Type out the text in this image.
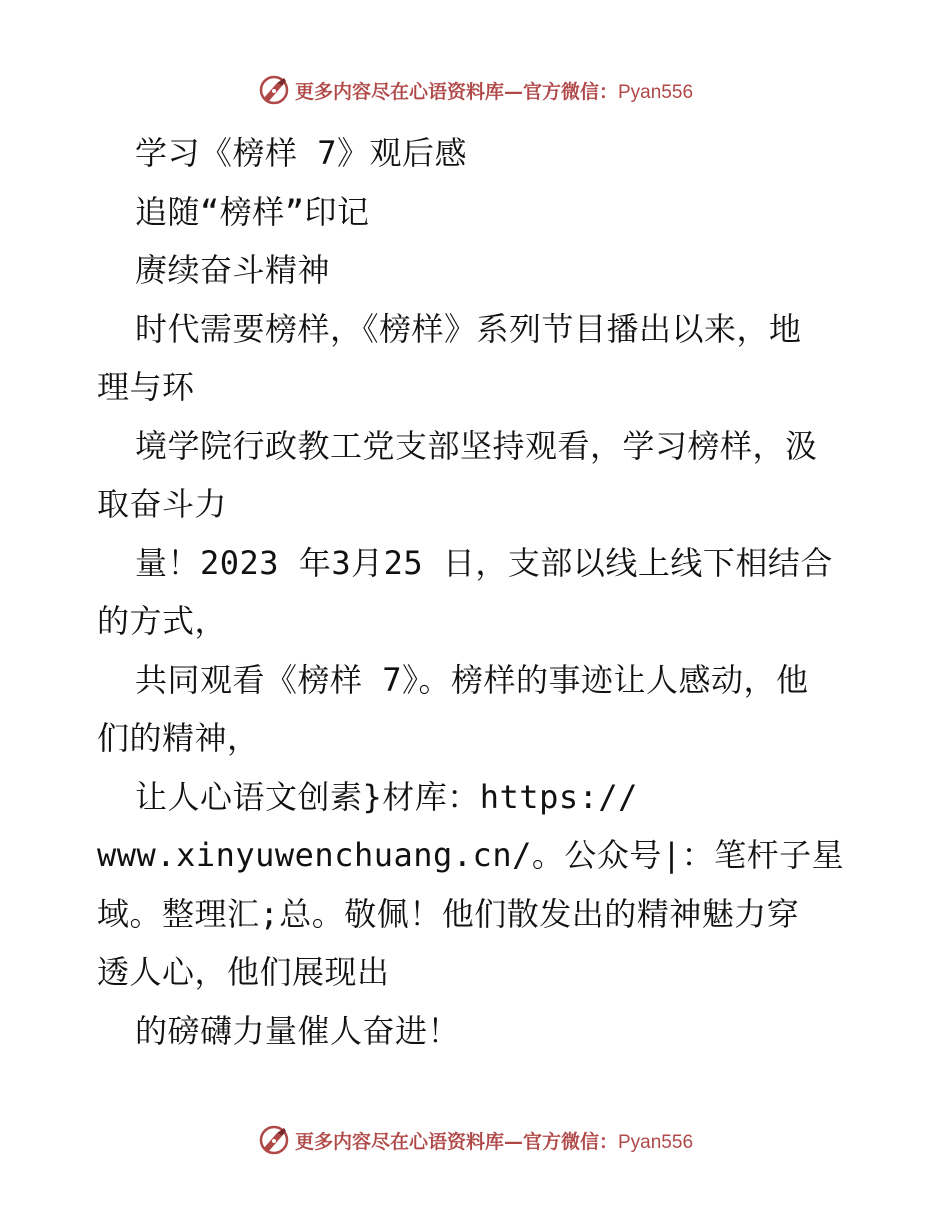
更多内容尽在心语资料库—官方微信：Pyan556
学习《榜样 7》观后感
追随“榜样”印记
赓续奋斗精神
时代需要榜样，《榜样》系列节目播出以来，地
理与环
境学院行政教工党支部坚持观看，学习榜样，汲
取奋斗力
量！2023 年3月25 日，支部以线上线下相结合
的方式，
共同观看《榜样 7》。榜样的事迹让人感动，他
们的精神，
让人心语文创素}材库：https://
www.xinyuwenchuang.cn/。公众号|：笔杆子星
域。整理汇;总。敬佩！他们散发出的精神魅力穿
透人心，他们展现出
的磅礴力量催人奋进！
更多内容尽在心语资料库—官方微信：Pyan556
